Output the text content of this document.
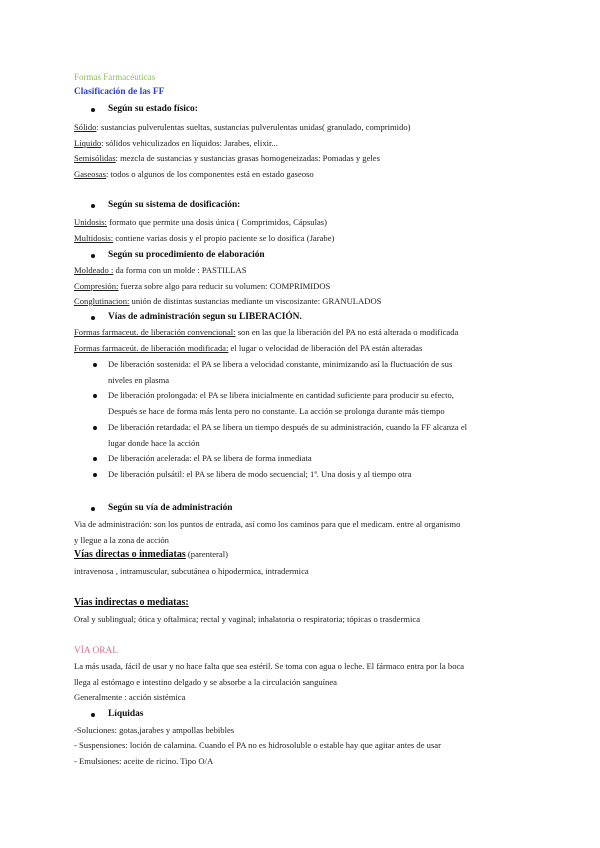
Formas Farmacéuticas
Clasificación de las FF
Según su estado físico:
Sólido: sustancias pulverulentas sueltas, sustancias pulverulentas unidas( granulado, comprimido)
Líquido: sólidos vehiculizados en líquidos: Jarabes, elixir...
Semisólidas: mezcla de sustancias y sustancias grasas homogeneizadas: Pomadas y geles
Gaseosas: todos o algunos de los componentes está en estado gaseoso
Según su sistema de dosificación:
Unidosis: formato que permite una dosis única ( Comprimidos, Cápsulas)
Multidosis: contiene varias dosis y el propio paciente se lo dosifica (Jarabe)
Según su procedimiento de elaboración
Moldeado : da forma con un molde : PASTILLAS
Compresión: fuerza sobre algo para reducir su volumen: COMPRIMIDOS
Conglutinacion: unión de distintas sustancias mediante un viscosizante: GRANULADOS
Vías de administración segun su LIBERACIÓN.
Formas farmaceut. de liberación convencional: son en las que la liberación del PA no está alterada o modificada
Formas farmaceút. de liberación modificada: el lugar o velocidad de liberación del PA están alteradas
De liberación sostenida: el PA se libera a velocidad constante, minimizando así la fluctuación de sus
niveles en plasma
De liberación prolongada: el PA se libera inicialmente en cantidad suficiente para producir su efecto,
Después se hace de forma más lenta pero no constante. La acción se prolonga durante más tiempo
De liberación retardada: el PA se libera un tiempo después de su administración, cuando la FF alcanza el
lugar donde hace la acción
De liberación acelerada: el PA se libera de forma inmediata
De liberación pulsátil: el PA se libera de modo secuencial; 1ª. Una dosis y al tiempo otra
Según su vía de administración
Via de administración: son los puntos de entrada, así como los caminos para que el medicam. entre al organismo
y llegue a la zona de acción
Vías directas o inmediatas (parenteral)
intravenosa , intramuscular, subcutánea o hipodermica, intradermica
Vias indirectas o mediatas:
Oral y sublingual; ótica y oftalmica; rectal y vaginal; inhalatoria o respiratoria; tópicas o trasdermica
VÍA ORAL
La más usada, fácil de usar y no hace falta que sea estéril. Se toma con agua o leche. El fármaco entra por la boca
llega al estómago e intestino delgado y se absorbe a la circulación sanguínea
Generalmente : acción sistémica
Líquidas
-Soluciones: gotas,jarabes y ampollas bebibles
- Suspensiones: loción de calamina. Cuando el PA no es hidrosoluble o estable hay que agitar antes de usar
- Emulsiones: aceite de ricino. Tipo O/A
